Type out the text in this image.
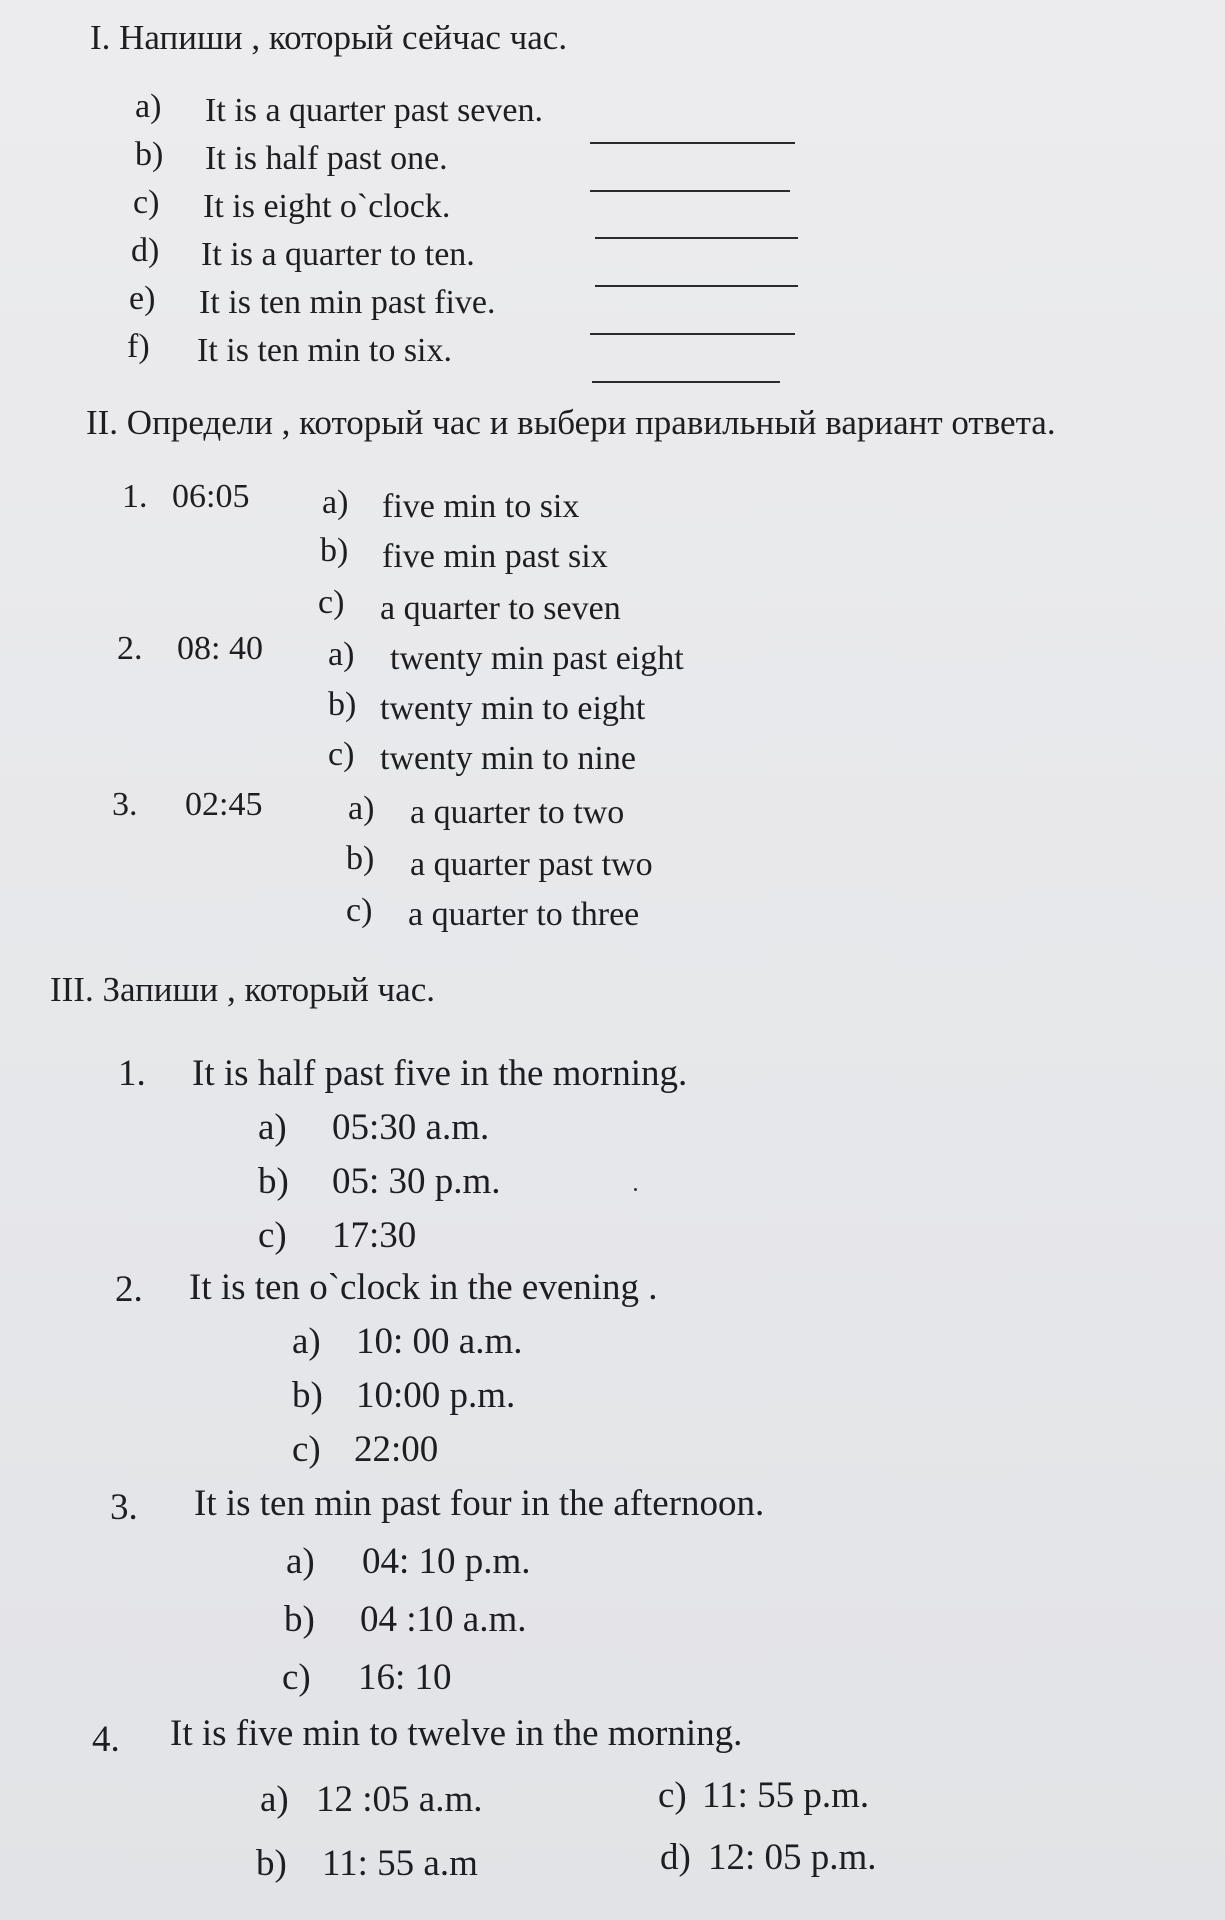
I. Напиши , который сейчас час.
a) It is a quarter past seven.
b) It is half past one.
c) It is eight o`clock.
d) It is a quarter to ten.
e) It is ten min past five.
f) It is ten min to six.
II. Определи , который час и выбери правильный вариант ответа.
1. 06:05 a) five min to six
b) five min past six
c) a quarter to seven
2. 08: 40 a) twenty min past eight
b) twenty min to eight
c) twenty min to nine
3. 02:45	a) a quarter to two
b) a quarter past two
c) a quarter to three
III. Запиши , который час.
1. It is half past five in the morning.
a) 05:30 a.m.
b) 05: 30 p.m.
c) 17:30
2. It is ten o`clock in the evening .
a) 10: 00 a.m.
b) 10:00 p.m.
c) 22:00
3. It is ten min past four in the afternoon.
a) 04: 10 p.m.
b) 04 :10 a.m.
c) 16: 10
4. It is five min to twelve in the morning.
a) 12 :05 a.m.	c) 11: 55 p.m.
b) 11: 55 a.m	d) 12: 05 p.m.
